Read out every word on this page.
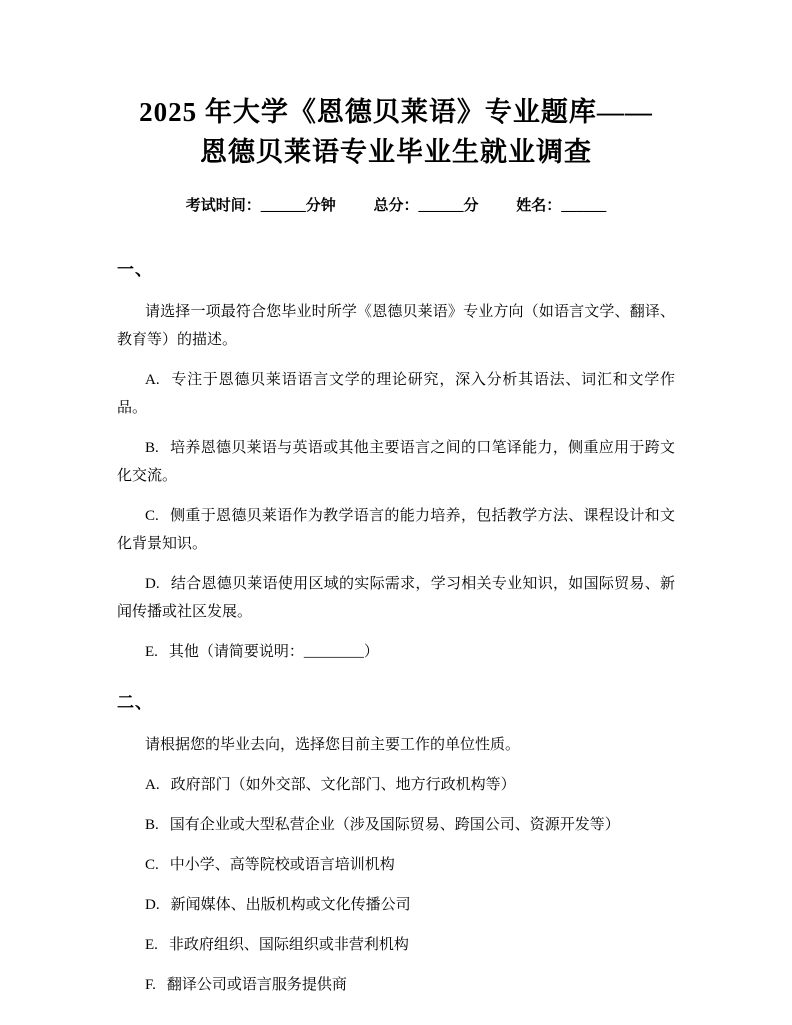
2025 年大学《恩德贝莱语》专业题库——
恩德贝莱语专业毕业生就业调查
考试时间：______分钟	总分：______分	姓名：______
一、

请选择一项最符合您毕业时所学《恩德贝莱语》专业方向（如语言文学、翻译、教育等）的描述。

A. 专注于恩德贝莱语语言文学的理论研究，深入分析其语法、词汇和文学作品。

B. 培养恩德贝莱语与英语或其他主要语言之间的口笔译能力，侧重应用于跨文化交流。

C. 侧重于恩德贝莱语作为教学语言的能力培养，包括教学方法、课程设计和文化背景知识。

D. 结合恩德贝莱语使用区域的实际需求，学习相关专业知识，如国际贸易、新闻传播或社区发展。

E. 其他（请简要说明：________）

二、

请根据您的毕业去向，选择您目前主要工作的单位性质。

A. 政府部门（如外交部、文化部门、地方行政机构等）

B. 国有企业或大型私营企业（涉及国际贸易、跨国公司、资源开发等）

C. 中小学、高等院校或语言培训机构

D. 新闻媒体、出版机构或文化传播公司

E. 非政府组织、国际组织或非营利机构

F. 翻译公司或语言服务提供商
